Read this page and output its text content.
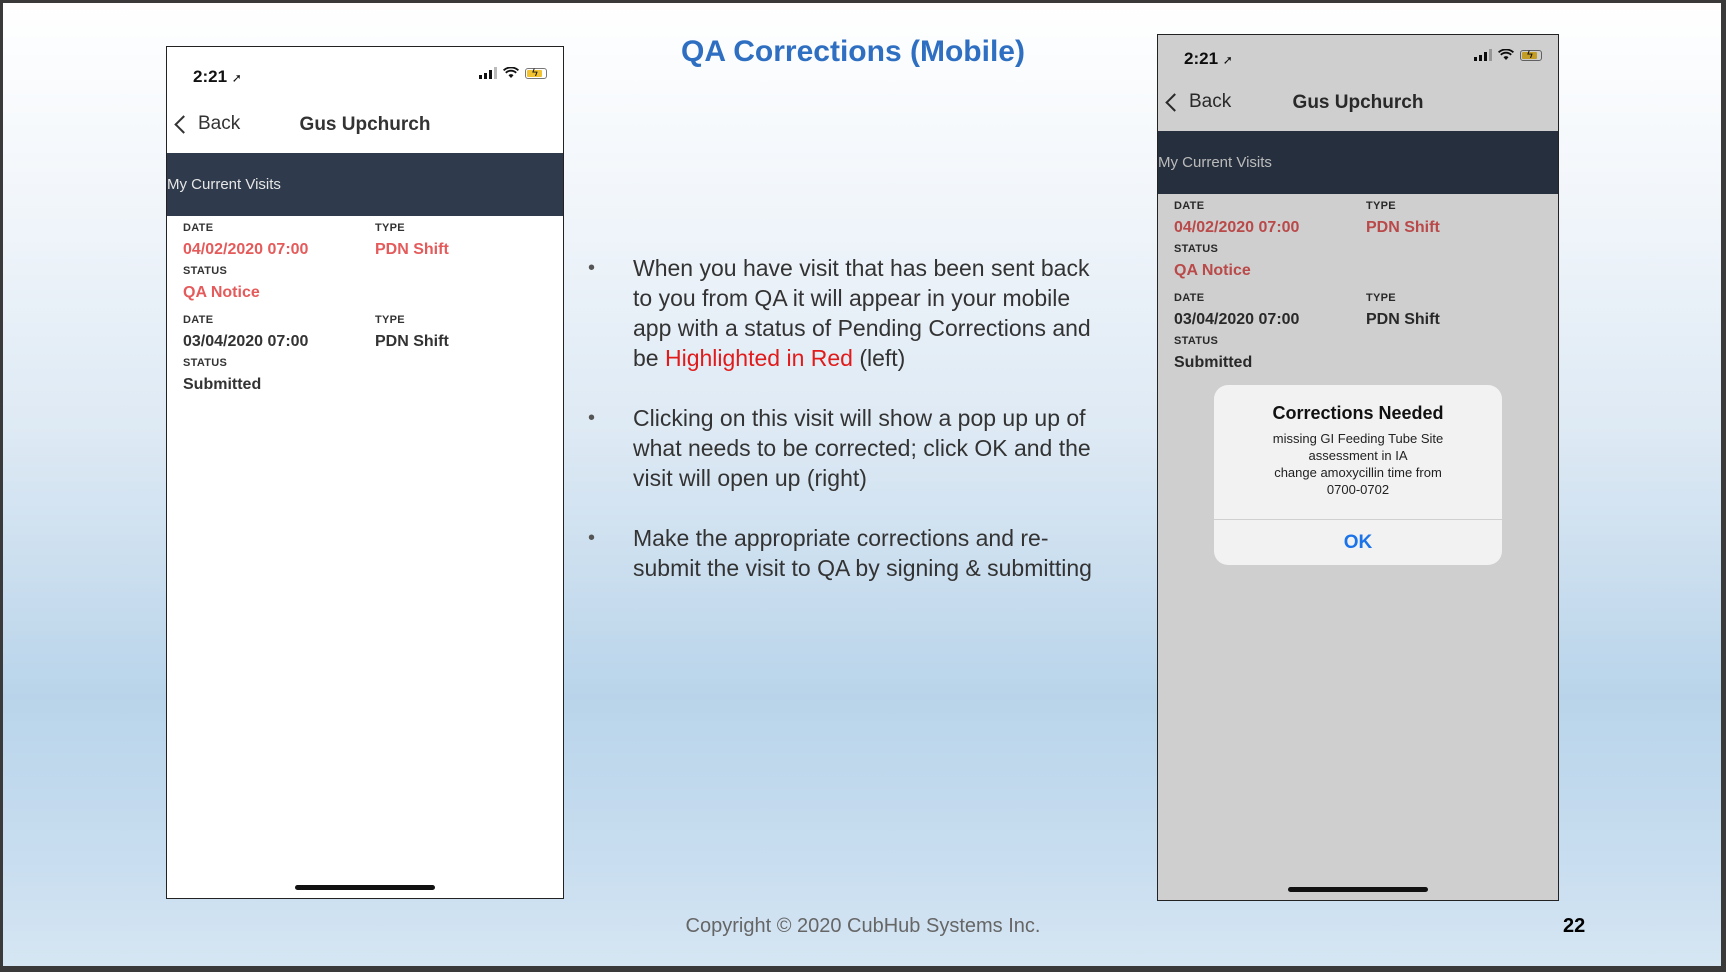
QA Corrections (Mobile)
2:21 ➚	ϟ
Back	Gus Upchurch
My Current Visits
DATE	TYPE
04/02/2020 07:00	PDN Shift
STATUS
QA Notice
DATE	TYPE
03/04/2020 07:00	PDN Shift
STATUS
Submitted
• When you have visit that has been sent back to you from QA it will appear in your mobile app with a status of Pending Corrections and be Highlighted in Red (left)
• Clicking on this visit will show a pop up up of what needs to be corrected; click OK and the visit will open up (right)
• Make the appropriate corrections and re-submit the visit to QA by signing & submitting
2:21 ➚	ϟ
Back	Gus Upchurch
My Current Visits
DATE	TYPE
04/02/2020 07:00	PDN Shift
STATUS
QA Notice
DATE	TYPE
03/04/2020 07:00	PDN Shift
STATUS
Submitted
Corrections Needed
missing GI Feeding Tube Site
assessment in IA
change amoxycillin time from
0700-0702
OK
Copyright © 2020 CubHub Systems Inc.	22
